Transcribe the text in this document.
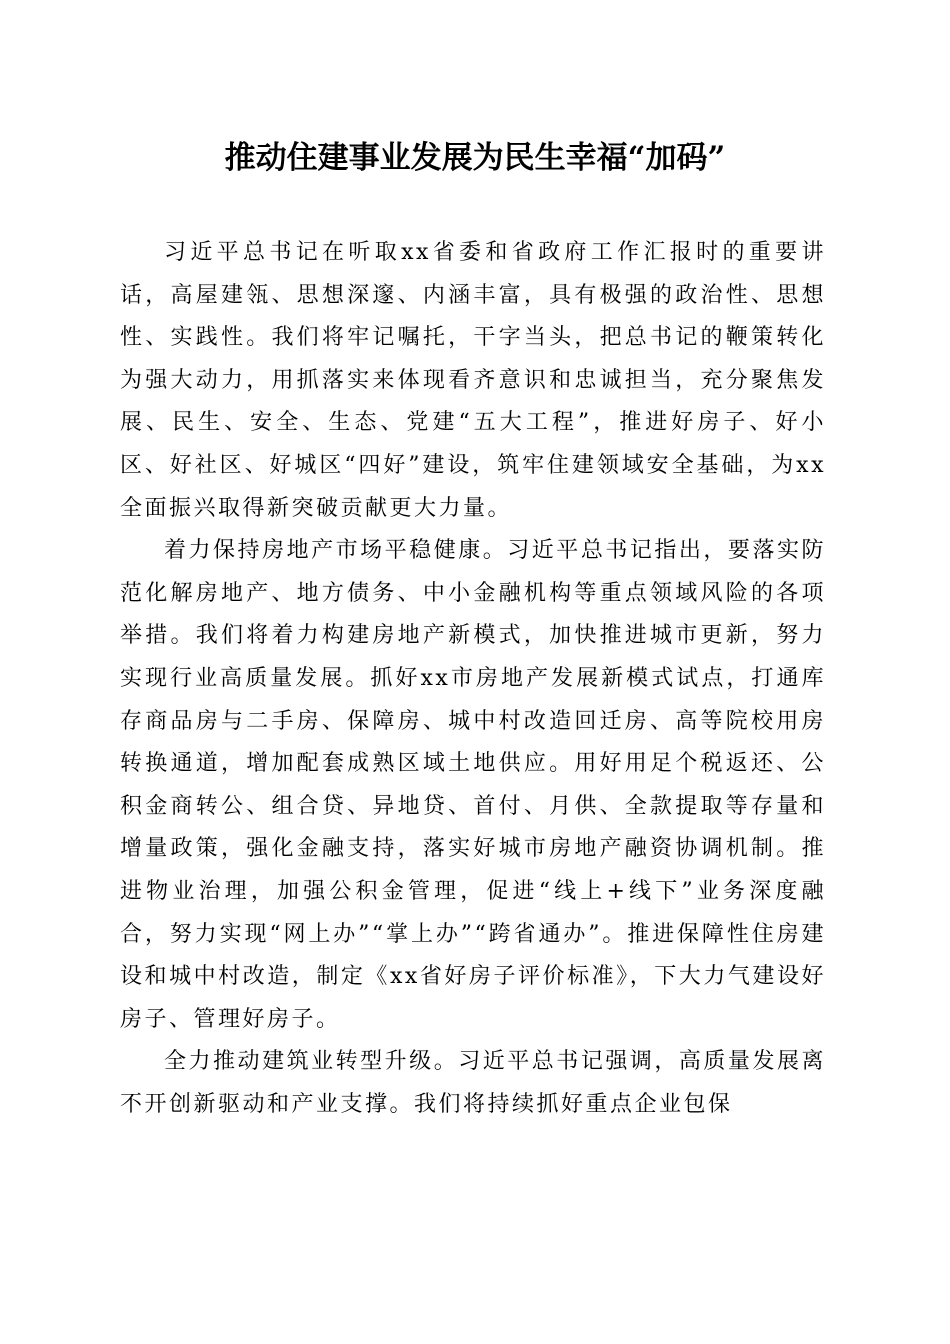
推动住建事业发展为民生幸福“加码”

习近平总书记在听取xx省委和省政府工作汇报时的重要讲话，高屋建瓴、思想深邃、内涵丰富，具有极强的政治性、思想性、实践性。我们将牢记嘱托，干字当头，把总书记的鞭策转化为强大动力，用抓落实来体现看齐意识和忠诚担当，充分聚焦发展、民生、安全、生态、党建“五大工程”，推进好房子、好小区、好社区、好城区“四好”建设，筑牢住建领域安全基础，为xx全面振兴取得新突破贡献更大力量。

着力保持房地产市场平稳健康。习近平总书记指出，要落实防范化解房地产、地方债务、中小金融机构等重点领域风险的各项举措。我们将着力构建房地产新模式，加快推进城市更新，努力实现行业高质量发展。抓好xx市房地产发展新模式试点，打通库存商品房与二手房、保障房、城中村改造回迁房、高等院校用房转换通道，增加配套成熟区域土地供应。用好用足个税返还、公积金商转公、组合贷、异地贷、首付、月供、全款提取等存量和增量政策，强化金融支持，落实好城市房地产融资协调机制。推进物业治理，加强公积金管理，促进“线上+线下”业务深度融合，努力实现“网上办”“掌上办”“跨省通办”。推进保障性住房建设和城中村改造，制定《xx省好房子评价标准》，下大力气建设好房子、管理好房子。

全力推动建筑业转型升级。习近平总书记强调，高质量发展离不开创新驱动和产业支撑。我们将持续抓好重点企业包保
